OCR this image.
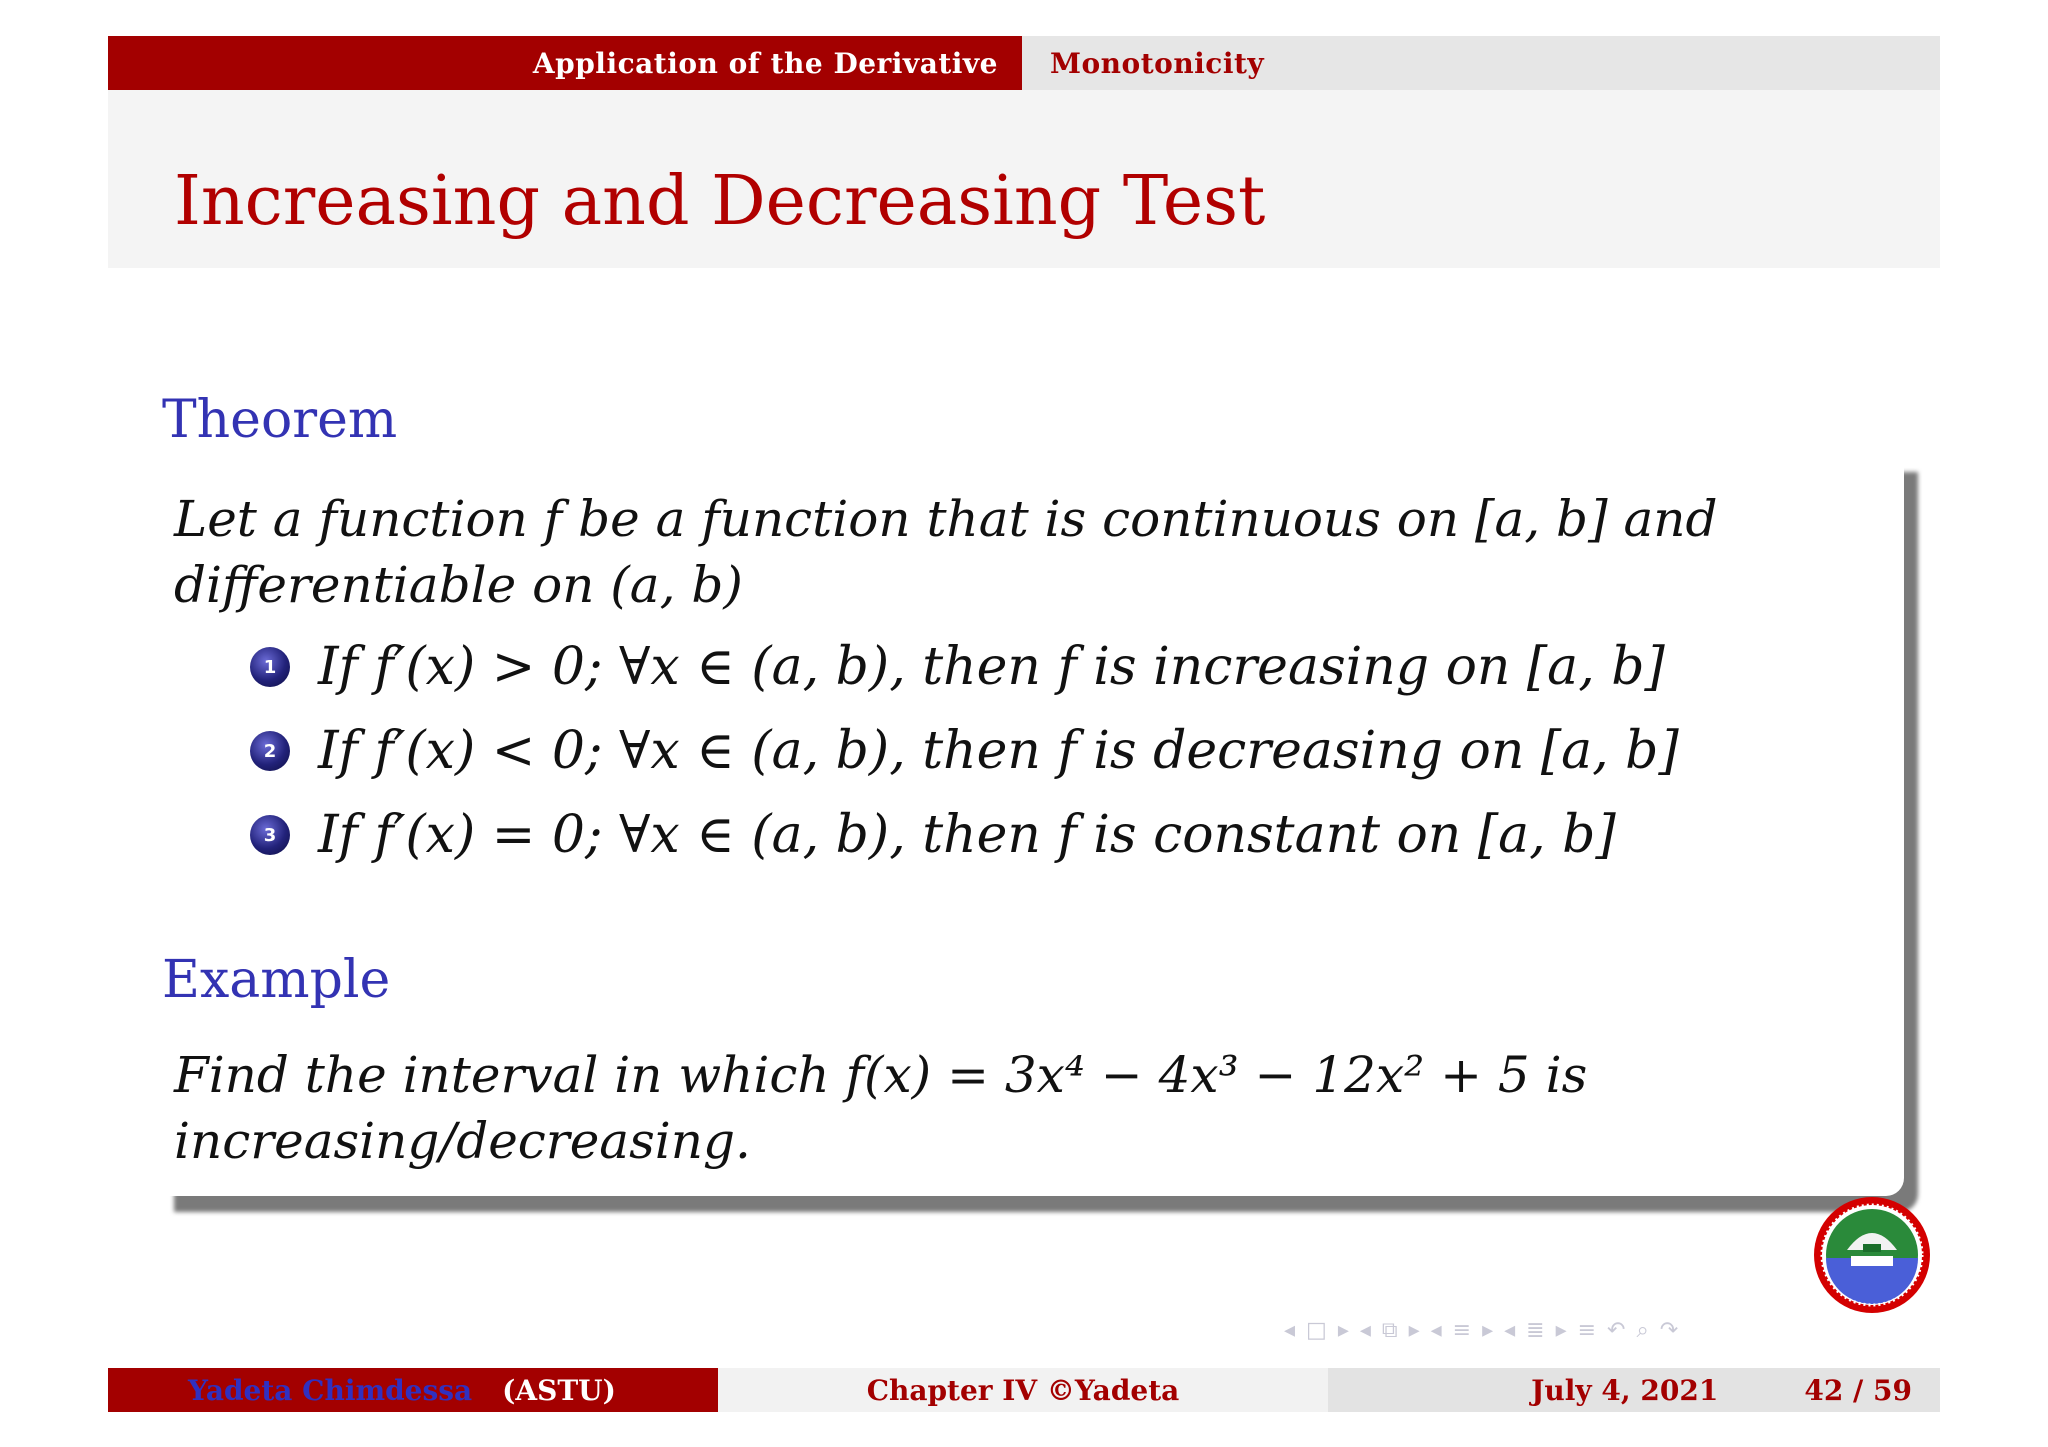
Application of the Derivative	Monotonicity
Increasing and Decreasing Test
Theorem
Let a function f be a function that is continuous on [a, b] and
differentiable on (a, b)
1 If f′(x) > 0; ∀x ∈ (a, b), then f is increasing on [a, b]
2 If f′(x) < 0; ∀x ∈ (a, b), then f is decreasing on [a, b]
3 If f′(x) = 0; ∀x ∈ (a, b), then f is constant on [a, b]
Example
Find the interval in which f(x) = 3x⁴ − 4x³ − 12x² + 5 is
increasing/decreasing.
◂ □ ▸ ◂ ⧉ ▸ ◂ ≡ ▸ ◂ ≣ ▸ ≡ ↶ ⌕ ↷
Yadeta Chimdessa (ASTU)	Chapter IV ©Yadeta	July 4, 2021	42 / 59
